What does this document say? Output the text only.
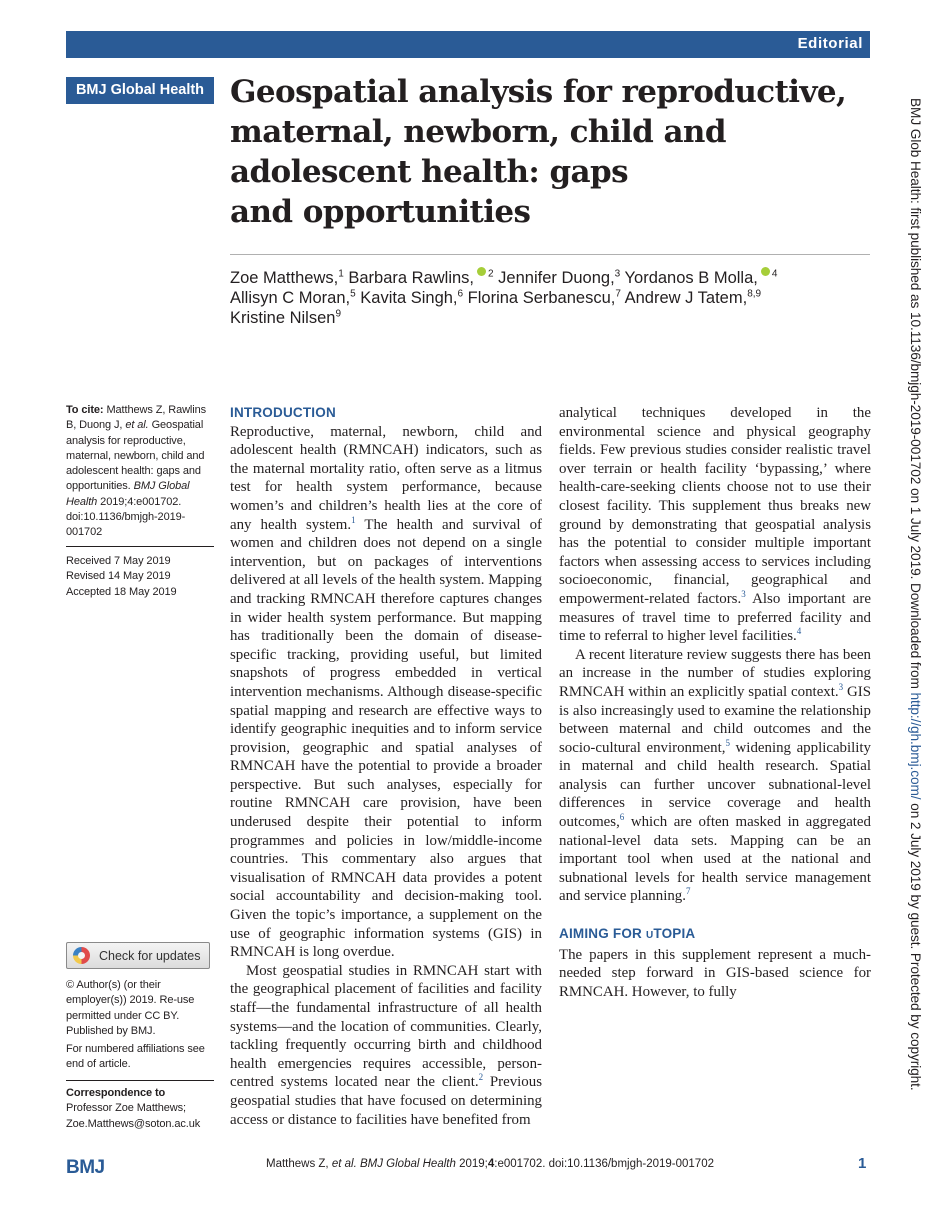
Editorial
BMJ Global Health Geospatial analysis for reproductive,
maternal, newborn, child and
adolescent health: gaps
and opportunities
Zoe Matthews,$^1$ Barbara Rawlins, $^2$ Jennifer Duong,$^3$ Yordanos B Molla, $^4$
Allisyn C Moran,$^5$ Kavita Singh,$^6$ Florina Serbanescu,$^7$ Andrew J Tatem,$^{8,9}$
Kristine Nilsen$^9$
To cite: Matthews Z, Rawlins B, Duong J, et al. Geospatial analysis for reproductive, maternal, newborn, child and adolescent health: gaps and opportunities. BMJ Global Health 2019;4:e001702. doi:10.1136/bmjgh-2019-001702
Received 7 May 2019
Revised 14 May 2019
Accepted 18 May 2019
Check for updates
© Author(s) (or their employer(s)) 2019. Re-use permitted under CC BY. Published by BMJ.
For numbered affiliations see end of article.
Correspondence to
Professor Zoe Matthews;
Zoe.Matthews@soton.ac.uk
INTRODUCTION

Reproductive, maternal, newborn, child and adolescent health (RMNCAH) indicators, such as the maternal mortality ratio, often serve as a litmus test for health system performance, because women’s and children’s health lies at the core of any health system.$^1$ The health and survival of women and children does not depend on a single intervention, but on packages of interventions delivered at all levels of the health system. Mapping and tracking RMNCAH therefore captures changes in wider health system performance. But mapping has traditionally been the domain of disease-specific tracking, providing useful, but limited snapshots of progress embedded in vertical intervention mechanisms. Although disease-specific spatial mapping and research are effective ways to identify geographic inequities and to inform service provision, geographic and spatial analyses of RMNCAH have the potential to provide a broader perspective. But such analyses, especially for routine RMNCAH care provision, have been underused despite their potential to inform programmes and policies in low/middle-income countries. This commentary also argues that visualisation of RMNCAH data provides a potent social accountability and decision-making tool. Given the topic’s importance, a supplement on the use of geographic information systems (GIS) in RMNCAH is long overdue.

Most geospatial studies in RMNCAH start with the geographical placement of facilities and facility staff—the fundamental infrastructure of all health systems—and the location of communities. Clearly, tackling frequently occurring birth and childhood health emergencies requires accessible, person-centred systems located near the client.$^2$ Previous geospatial studies that have focused on determining access or distance to facilities have benefited from

analytical techniques developed in the environmental science and physical geography fields. Few previous studies consider realistic travel over terrain or health facility ‘bypassing,’ where health-care-seeking clients choose not to use their closest facility. This supplement thus breaks new ground by demonstrating that geospatial analysis has the potential to consider multiple important factors when assessing access to services including socioeconomic, financial, geographical and empowerment-related factors.$^3$ Also important are measures of travel time to preferred facility and time to referral to higher level facilities.$^4$

A recent literature review suggests there has been an increase in the number of studies exploring RMNCAH within an explicitly spatial context.$^3$ GIS is also increasingly used to examine the relationship between maternal and child outcomes and the socio-cultural environment,$^5$ widening applicability in maternal and child health research. Spatial analysis can further uncover subnational-level differences in service coverage and health outcomes,$^6$ which are often masked in aggregated national-level data sets. Mapping can be an important tool when used at the national and subnational levels for health service management and service planning.$^7$

AIMING FOR UTOPIA

The papers in this supplement represent a much-needed step forward in GIS-based science for RMNCAH. However, to fully

BMJ Glob Health: first published as 10.1136/bmjgh-2019-001702 on 1 July 2019. Downloaded from http://gh.bmj.com/ on 2 July 2019 by guest. Protected by copyright.
BMJ	Matthews Z, et al. BMJ Global Health 2019;4:e001702. doi:10.1136/bmjgh-2019-001702	1
